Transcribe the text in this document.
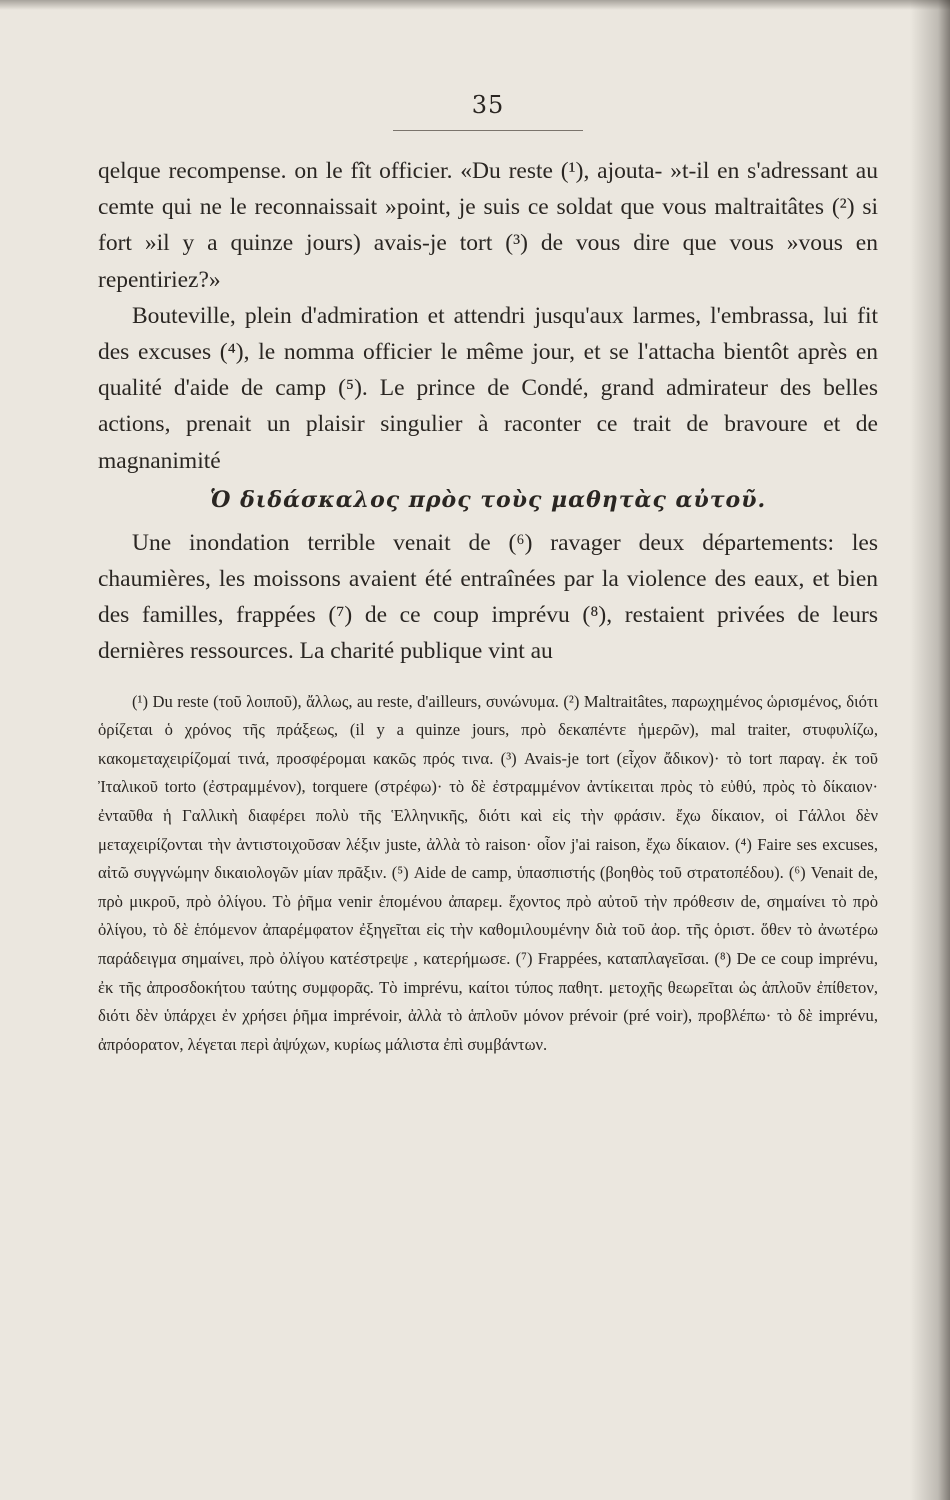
35

qelque recompense. on le fît officier. «Du reste (¹), ajouta- »t-il en s'adressant au cemte qui ne le reconnaissait »point, je suis ce soldat que vous maltraitâtes (²) si fort »il y a quinze jours) avais-je tort (³) de vous dire que vous »vous en repentiriez?»

Bouteville, plein d'admiration et attendri jusqu'aux larmes, l'embrassa, lui fit des excuses (⁴), le nomma officier le même jour, et se l'attacha bientôt après en qualité d'aide de camp (⁵). Le prince de Condé, grand admirateur des belles actions, prenait un plaisir singulier à raconter ce trait de bravoure et de magnanimité

Ὁ διδάσκαλος πρὸς τοὺς μαθητὰς αὐτοῦ.

Une inondation terrible venait de (⁶) ravager deux départements: les chaumières, les moissons avaient été entraînées par la violence des eaux, et bien des familles, frappées (⁷) de ce coup imprévu (⁸), restaient privées de leurs dernières ressources. La charité publique vint au

(¹) Du reste (τοῦ λοιποῦ), ἄλλως, au reste, d'ailleurs, συνώνυμα. (²) Maltraitâtes, παρωχημένος ὡρισμένος, διότι ὁρίζεται ὁ χρόνος τῆς πράξεως, (il y a quinze jours, πρὸ δεκαπέντε ἡμερῶν), mal traiter, στυφυλίζω, κακομεταχειρίζομαί τινά, προσφέρομαι κακῶς πρός τινα. (³) Avais-je tort (εἶχον ἄδικον)· τὸ tort παραγ. ἐκ τοῦ Ἰταλικοῦ torto (ἐστραμμένον), torquere (στρέφω)· τὸ δὲ ἐστραμμένον ἀντίκειται πρὸς τὸ εὐθύ, πρὸς τὸ δίκαιον· ἐνταῦθα ἡ Γαλλικὴ διαφέρει πολὺ τῆς Ἑλληνικῆς, διότι καὶ εἰς τὴν φράσιν. ἔχω δίκαιον, οἱ Γάλλοι δὲν μεταχειρίζονται τὴν ἀντιστοιχοῦσαν λέξιν juste, ἀλλὰ τὸ raison· οἷον j'ai raison, ἔχω δίκαιον. (⁴) Faire ses excuses, αἰτῶ συγγνώμην δικαιολογῶν μίαν πρᾶξιν. (⁵) Aide de camp, ὑπασπιστής (βοηθὸς τοῦ στρατοπέδου). (⁶) Venait de, πρὸ μικροῦ, πρὸ ὀλίγου. Τὸ ῥῆμα venir ἑπομένου ἀπαρεμ. ἔχοντος πρὸ αὐτοῦ τὴν πρόθεσιν de, σημαίνει τὸ πρὸ ὀλίγου, τὸ δὲ ἑπόμενον ἀπαρέμφατον ἐξηγεῖται εἰς τὴν καθομιλουμένην διὰ τοῦ ἀορ. τῆς ὁριστ. ὅθεν τὸ ἀνωτέρω παράδειγμα σημαίνει, πρὸ ὀλίγου κατέστρεψε , κατερήμωσε. (⁷) Frappées, καταπλαγεῖσαι. (⁸) De ce coup imprévu, ἐκ τῆς ἀπροσδοκήτου ταύτης συμφορᾶς. Τὸ imprévu, καίτοι τύπος παθητ. μετοχῆς θεωρεῖται ὡς ἁπλοῦν ἐπίθετον, διότι δὲν ὑπάρχει ἐν χρήσει ῥῆμα imprévoir, ἀλλὰ τὸ ἁπλοῦν μόνον prévoir (pré voir), προβλέπω· τὸ δὲ imprévu, ἀπρόορατον, λέγεται περὶ ἀψύχων, κυρίως μάλιστα ἐπὶ συμβάντων.
